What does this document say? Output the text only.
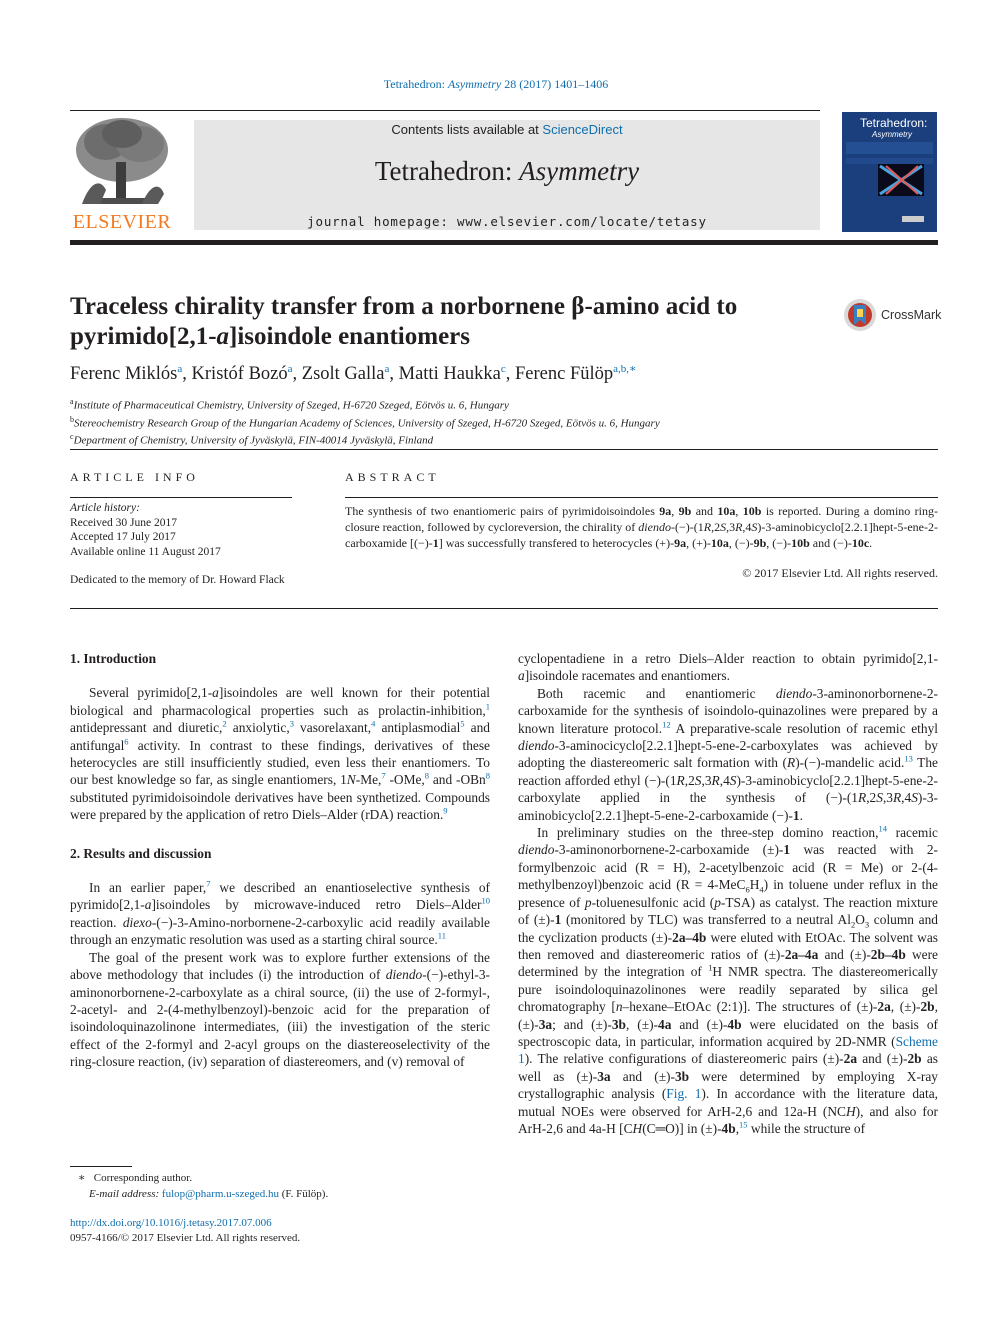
Tetrahedron: Asymmetry 28 (2017) 1401–1406
ELSEVIER
Contents lists available at ScienceDirect
Tetrahedron: Asymmetry
journal homepage: www.elsevier.com/locate/tetasy
Tetrahedron:
Asymmetry
Traceless chirality transfer from a norbornene β-amino acid to
pyrimido[2,1-a]isoindole enantiomers
CrossMark
Ferenc Miklós$^a$, Kristóf Bozó$^a$, Zsolt Galla$^a$, Matti Haukka$^c$, Ferenc Fülöp$^{a,b,∗}$
$^a$Institute of Pharmaceutical Chemistry, University of Szeged, H-6720 Szeged, Eötvös u. 6, Hungary
$^b$Stereochemistry Research Group of the Hungarian Academy of Sciences, University of Szeged, H-6720 Szeged, Eötvös u. 6, Hungary
$^c$Department of Chemistry, University of Jyväskylä, FIN-40014 Jyväskylä, Finland
ARTICLE INFO
Article history:
Received 30 June 2017
Accepted 17 July 2017
Available online 11 August 2017
Dedicated to the memory of Dr. Howard Flack
ABSTRACT
The synthesis of two enantiomeric pairs of pyrimidoisoindoles 9a, 9b and 10a, 10b is reported. During a domino ring-closure reaction, followed by cycloreversion, the chirality of diendo-(−)-(1R,2S,3R,4S)-3-aminobicyclo[2.2.1]hept-5-ene-2-carboxamide [(−)-1] was successfully transfered to heterocycles (+)-9a, (+)-10a, (−)-9b, (−)-10b and (−)-10c.
© 2017 Elsevier Ltd. All rights reserved.
1. Introduction

Several pyrimido[2,1-a]isoindoles are well known for their potential biological and pharmacological properties such as prolactin-inhibition,$^1$ antidepressant and diuretic,$^2$ anxiolytic,$^3$ vasorelaxant,$^4$ antiplasmodial$^5$ and antifungal$^6$ activity. In contrast to these findings, derivatives of these heterocycles are still insufficiently studied, even less their enantiomers. To our best knowledge so far, as single enantiomers, 1N-Me,$^7$ -OMe,$^8$ and -OBn$^8$ substituted pyrimidoisoindole derivatives have been synthetized. Compounds were prepared by the application of retro Diels–Alder (rDA) reaction.$^9$

2. Results and discussion

In an earlier paper,$^7$ we described an enantioselective synthesis of pyrimido[2,1-a]isoindoles by microwave-induced retro Diels–Alder$^{10}$ reaction. diexo-(−)-3-Amino-norbornene-2-carboxylic acid readily available through an enzymatic resolution was used as a starting chiral source.$^{11}$

The goal of the present work was to explore further extensions of the above methodology that includes (i) the introduction of diendo-(−)-ethyl-3-aminonorbornene-2-carboxylate as a chiral source, (ii) the use of 2-formyl-, 2-acetyl- and 2-(4-methylbenzoyl)-benzoic acid for the preparation of isoindoloquinazolinone intermediates, (iii) the investigation of the steric effect of the 2-formyl and 2-acyl groups on the diastereoselectivity of the ring-closure reaction, (iv) separation of diastereomers, and (v) removal of

cyclopentadiene in a retro Diels–Alder reaction to obtain pyrimido[2,1-a]isoindole racemates and enantiomers.

Both racemic and enantiomeric diendo-3-aminonorbornene-2-carboxamide for the synthesis of isoindolo-quinazolines were prepared by a known literature protocol.$^{12}$ A preparative-scale resolution of racemic ethyl diendo-3-aminocicyclo[2.2.1]hept-5-ene-2-carboxylates was achieved by adopting the diastereomeric salt formation with (R)-(−)-mandelic acid.$^{13}$ The reaction afforded ethyl (−)-(1R,2S,3R,4S)-3-aminobicyclo[2.2.1]hept-5-ene-2-carboxylate applied in the synthesis of (−)-(1R,2S,3R,4S)-3-aminobicyclo[2.2.1]hept-5-ene-2-carboxamide (−)-1.

In preliminary studies on the three-step domino reaction,$^{14}$ racemic diendo-3-aminonorbornene-2-carboxamide (±)-1 was reacted with 2-formylbenzoic acid (R = H), 2-acetylbenzoic acid (R = Me) or 2-(4-methylbenzoyl)benzoic acid $(R = 4-MeC_6H_4)$ in toluene under reflux in the presence of p-toluenesulfonic acid (p-TSA) as catalyst. The reaction mixture of (±)-1 (monitored by TLC) was transferred to a neutral $Al_2O_3$ column and the cyclization products (±)-2a–4b were eluted with EtOAc. The solvent was then removed and diastereomeric ratios of (±)-2a–4a and (±)-2b–4b were determined by the integration of $^1$H NMR spectra. The diastereomerically pure isoindoloquinazolinones were readily separated by silica gel chromatography [n–hexane–EtOAc (2:1)]. The structures of (±)-2a, (±)-2b, (±)-3a; and (±)-3b, (±)-4a and (±)-4b were elucidated on the basis of spectroscopic data, in particular, information acquired by 2D-NMR (Scheme 1). The relative configurations of diastereomeric pairs (±)-2a and (±)-2b as well as (±)-3a and (±)-3b were determined by employing X-ray crystallographic analysis (Fig. 1). In accordance with the literature data, mutual NOEs were observed for ArH-2,6 and 12a-H (NCH), and also for ArH-2,6 and 4a-H [CH(C═O)] in (±)-4b,$^{15}$ while the structure of

∗   Corresponding author.
E-mail address: fulop@pharm.u-szeged.hu (F. Fülöp).
http://dx.doi.org/10.1016/j.tetasy.2017.07.006
0957-4166/© 2017 Elsevier Ltd. All rights reserved.
